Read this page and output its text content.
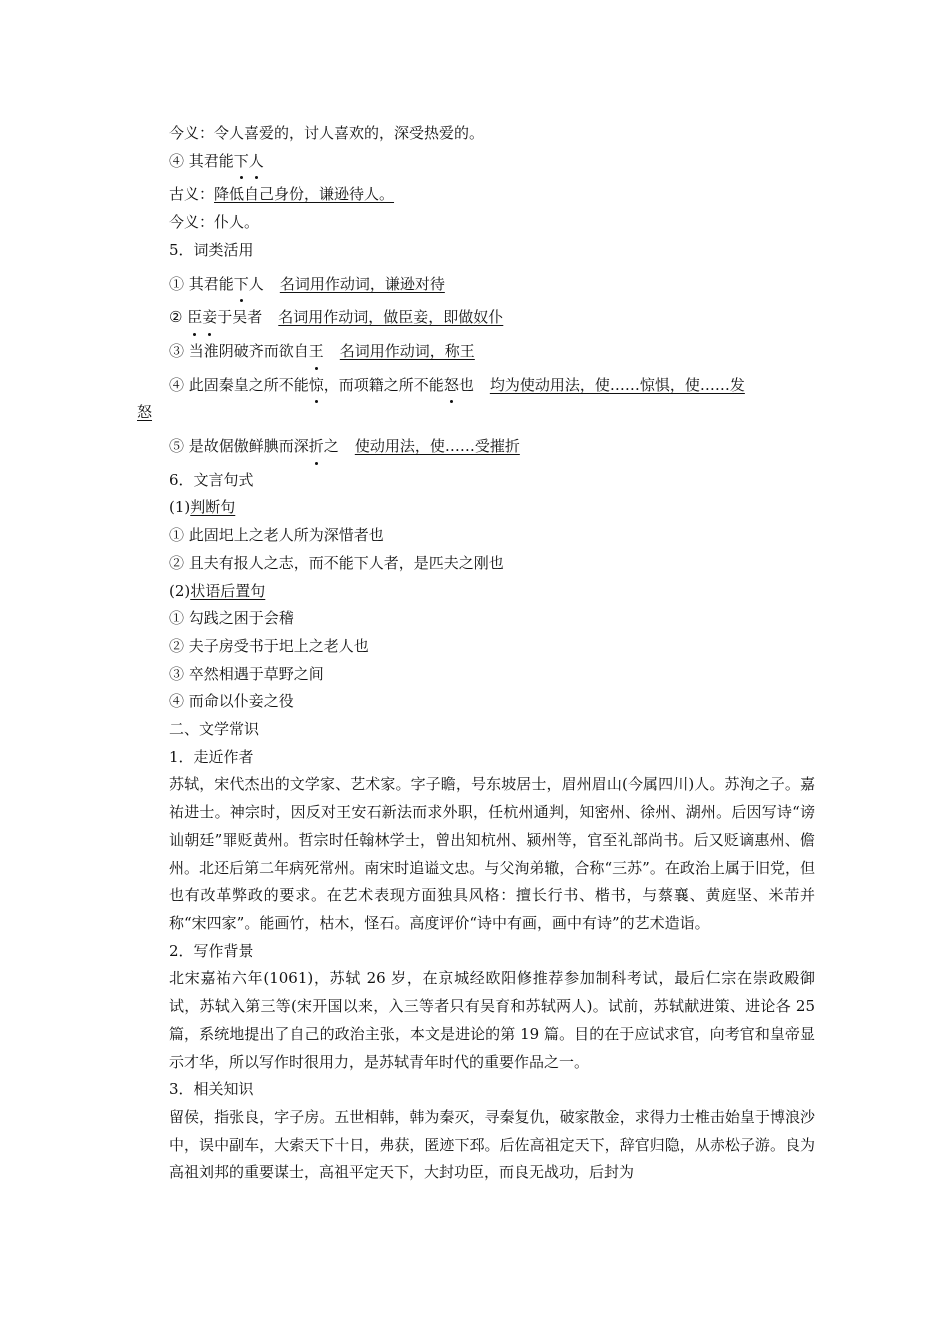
今义：令人喜爱的，讨人喜欢的，深受热爱的。
④ 其君能下人
古义：降低自己身份，谦逊待人。
今义：仆人。
5．词类活用
① 其君能下人 名词用作动词，谦逊对待
② 臣妾于吴者 名词用作动词，做臣妾，即做奴仆
③ 当淮阴破齐而欲自王 名词用作动词，称王
④ 此固秦皇之所不能惊，而项籍之所不能怒也 均为使动用法，使……惊惧，使……发
怒
⑤ 是故倨傲鲜腆而深折之 使动用法，使……受摧折
6．文言句式
(1)判断句
① 此固圯上之老人所为深惜者也
② 且夫有报人之志，而不能下人者，是匹夫之刚也
(2)状语后置句
① 勾践之困于会稽
② 夫子房受书于圯上之老人也
③ 卒然相遇于草野之间
④ 而命以仆妾之役
二、文学常识
1．走近作者
苏轼，宋代杰出的文学家、艺术家。字子瞻，号东坡居士，眉州眉山(今属四川)人。苏洵之子。嘉祐进士。神宗时，因反对王安石新法而求外职，任杭州通判，知密州、徐州、湖州。后因写诗“谤讪朝廷”罪贬黄州。哲宗时任翰林学士，曾出知杭州、颍州等，官至礼部尚书。后又贬谪惠州、儋州。北还后第二年病死常州。南宋时追谥文忠。与父洵弟辙，合称“三苏”。在政治上属于旧党，但也有改革弊政的要求。在艺术表现方面独具风格：擅长行书、楷书，与蔡襄、黄庭坚、米芾并称“宋四家”。能画竹，枯木，怪石。高度评价“诗中有画，画中有诗”的艺术造诣。
2．写作背景
北宋嘉祐六年(1061)，苏轼 26 岁，在京城经欧阳修推荐参加制科考试，最后仁宗在崇政殿御试，苏轼入第三等(宋开国以来，入三等者只有吴育和苏轼两人)。试前，苏轼献进策、进论各 25 篇，系统地提出了自己的政治主张，本文是进论的第 19 篇。目的在于应试求官，向考官和皇帝显示才华，所以写作时很用力，是苏轼青年时代的重要作品之一。
3．相关知识
留侯，指张良，字子房。五世相韩，韩为秦灭，寻秦复仇，破家散金，求得力士椎击始皇于博浪沙中，误中副车，大索天下十日，弗获，匿迹下邳。后佐高祖定天下，辞官归隐，从赤松子游。良为高祖刘邦的重要谋士，高祖平定天下，大封功臣，而良无战功，后封为
